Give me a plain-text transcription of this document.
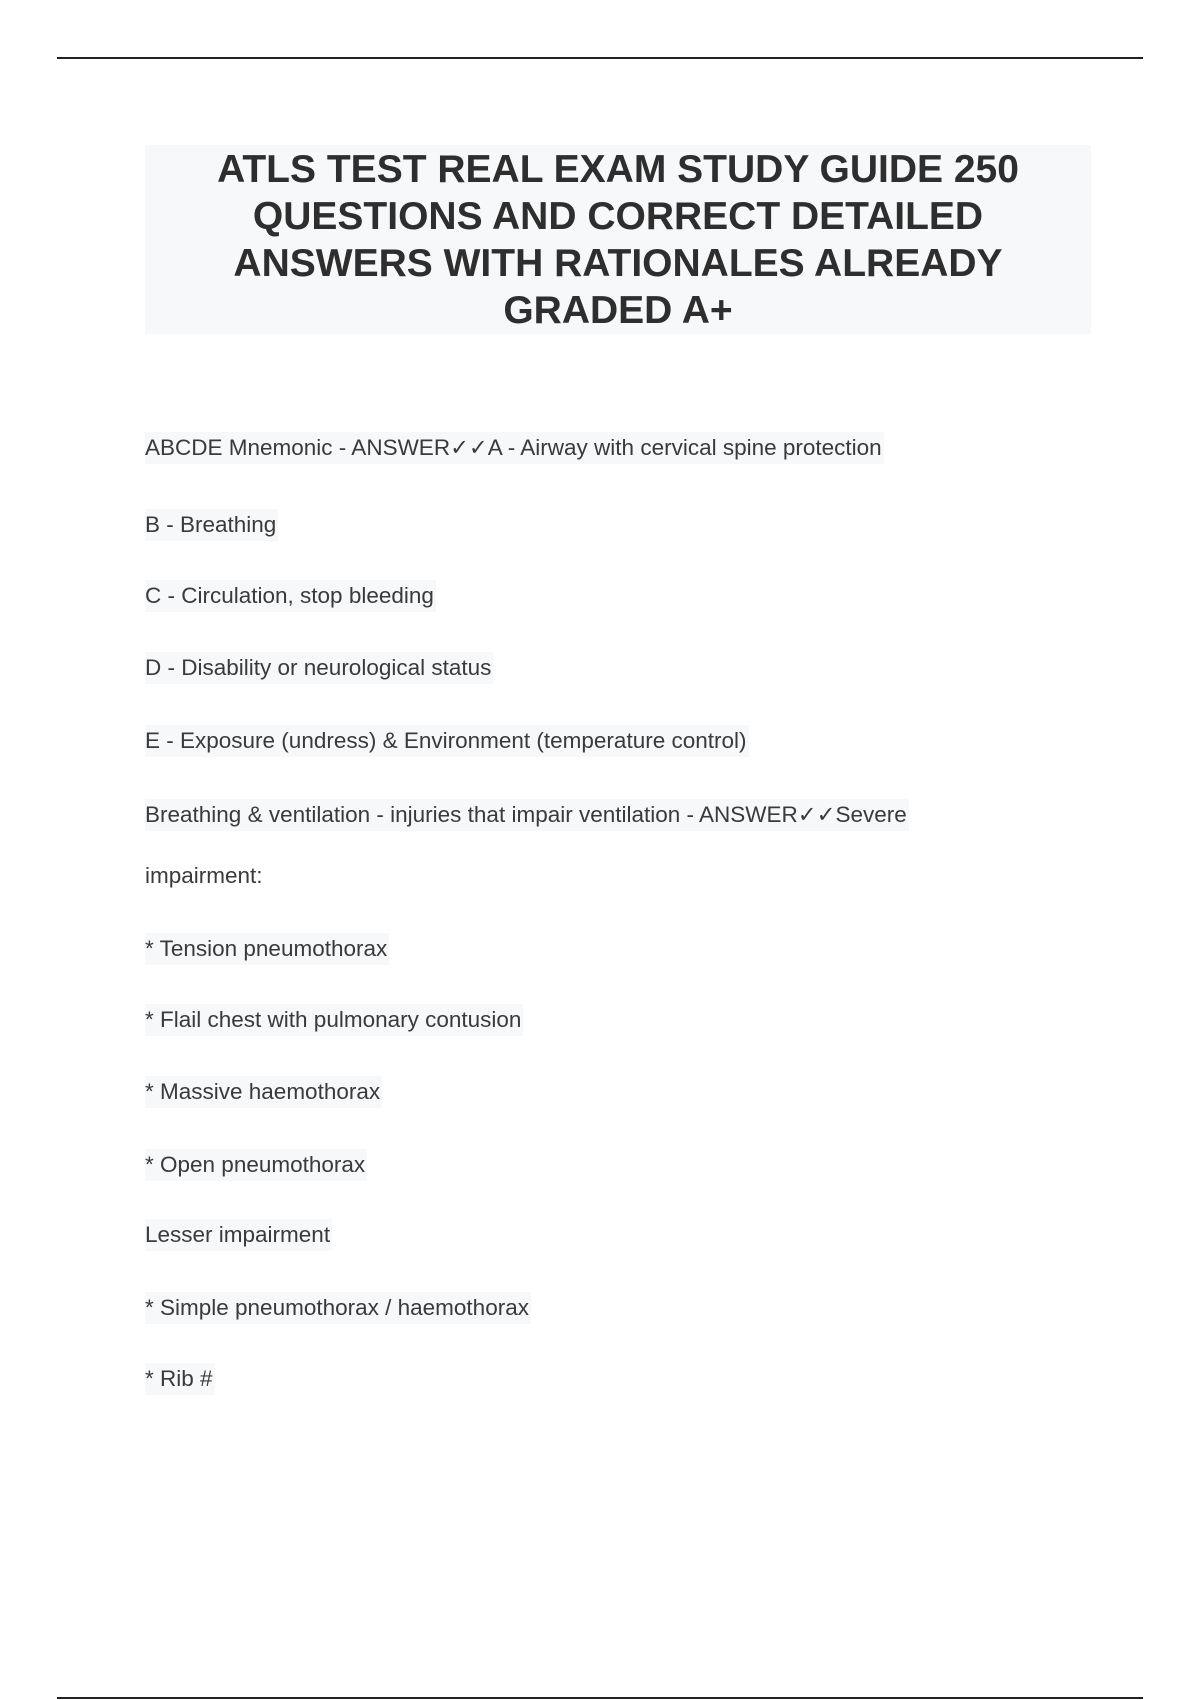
ATLS TEST REAL EXAM STUDY GUIDE 250 QUESTIONS AND CORRECT DETAILED ANSWERS WITH RATIONALES ALREADY GRADED A+
ABCDE Mnemonic - ANSWER✓✓A - Airway with cervical spine protection
B - Breathing
C - Circulation, stop bleeding
D - Disability or neurological status
E - Exposure (undress) & Environment (temperature control)
Breathing & ventilation - injuries that impair ventilation - ANSWER✓✓Severe
impairment:
* Tension pneumothorax
* Flail chest with pulmonary contusion
* Massive haemothorax
* Open pneumothorax
Lesser impairment
* Simple pneumothorax / haemothorax
* Rib #
